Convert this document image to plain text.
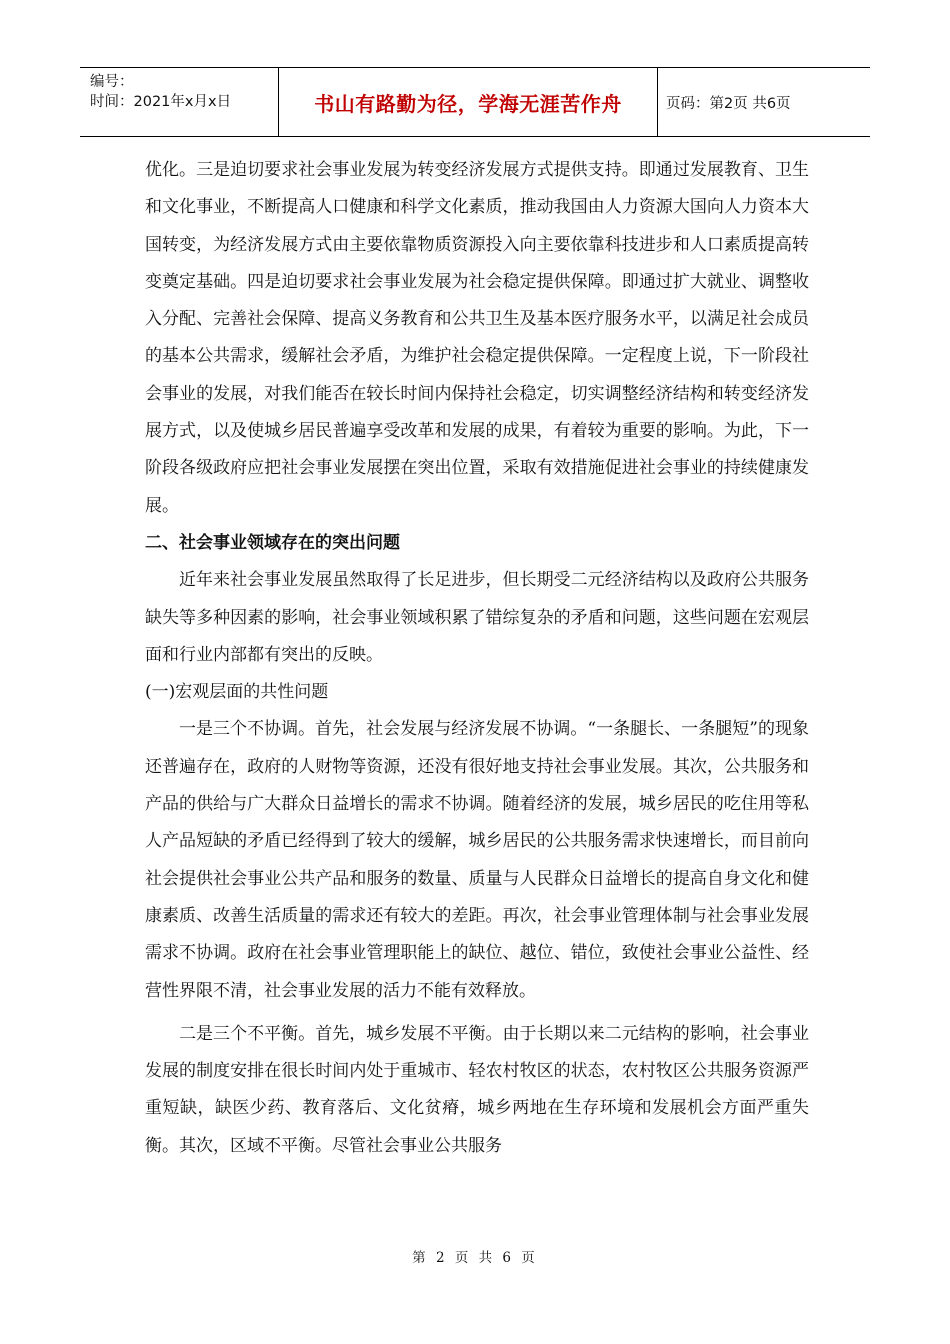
编号：
时间：2021年x月x日	书山有路勤为径，学海无涯苦作舟	页码：第2页 共6页

优化。三是迫切要求社会事业发展为转变经济发展方式提供支持。即通过发展教育、卫生和文化事业，不断提高人口健康和科学文化素质，推动我国由人力资源大国向人力资本大国转变，为经济发展方式由主要依靠物质资源投入向主要依靠科技进步和人口素质提高转变奠定基础。四是迫切要求社会事业发展为社会稳定提供保障。即通过扩大就业、调整收入分配、完善社会保障、提高义务教育和公共卫生及基本医疗服务水平，以满足社会成员的基本公共需求，缓解社会矛盾，为维护社会稳定提供保障。一定程度上说，下一阶段社会事业的发展，对我们能否在较长时间内保持社会稳定，切实调整经济结构和转变经济发展方式，以及使城乡居民普遍享受改革和发展的成果，有着较为重要的影响。为此，下一阶段各级政府应把社会事业发展摆在突出位置，采取有效措施促进社会事业的持续健康发展。

二、社会事业领域存在的突出问题

近年来社会事业发展虽然取得了长足进步，但长期受二元经济结构以及政府公共服务缺失等多种因素的影响，社会事业领域积累了错综复杂的矛盾和问题，这些问题在宏观层面和行业内部都有突出的反映。

(一)宏观层面的共性问题

一是三个不协调。首先，社会发展与经济发展不协调。“一条腿长、一条腿短”的现象还普遍存在，政府的人财物等资源，还没有很好地支持社会事业发展。其次，公共服务和产品的供给与广大群众日益增长的需求不协调。随着经济的发展，城乡居民的吃住用等私人产品短缺的矛盾已经得到了较大的缓解，城乡居民的公共服务需求快速增长，而目前向社会提供社会事业公共产品和服务的数量、质量与人民群众日益增长的提高自身文化和健康素质、改善生活质量的需求还有较大的差距。再次，社会事业管理体制与社会事业发展需求不协调。政府在社会事业管理职能上的缺位、越位、错位，致使社会事业公益性、经营性界限不清，社会事业发展的活力不能有效释放。

二是三个不平衡。首先，城乡发展不平衡。由于长期以来二元结构的影响，社会事业发展的制度安排在很长时间内处于重城市、轻农村牧区的状态，农村牧区公共服务资源严重短缺，缺医少药、教育落后、文化贫瘠，城乡两地在生存环境和发展机会方面严重失衡。其次，区域不平衡。尽管社会事业公共服务

第 2 页 共 6 页
